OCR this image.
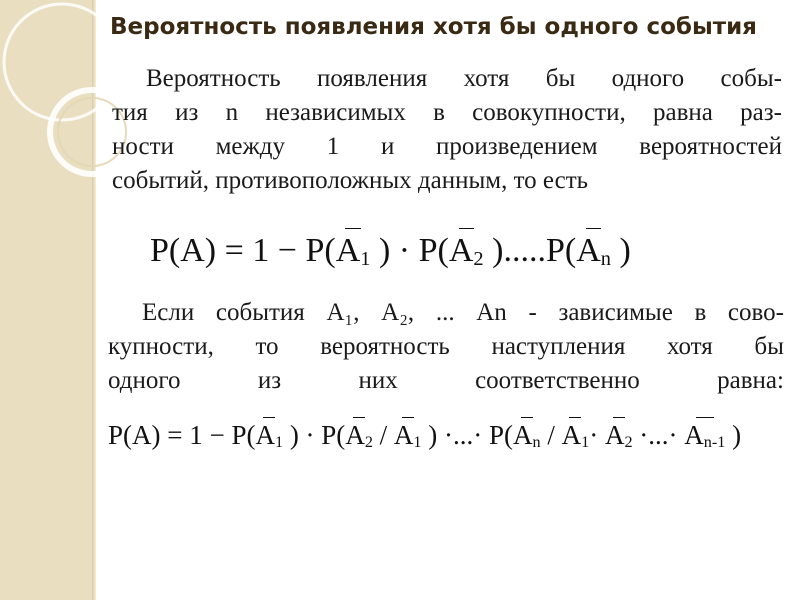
Вероятность появления хотя бы одного события
Вероятность появления хотя бы одного собы-
тия из n независимых в совокупности, равна раз-
ности между 1 и произведением вероятностей
событий, противоположных данным, то есть
$P(A) = 1 - P(A_1$ ) · $P(A_2$ )$.....P(A_n$ )
Если события A₁, A₂, ... An - зависимые в сово-
купности, то вероятность наступления хотя бы
одного	из	них	соответственно	равна:
$P(A) = 1 - P(A_1$ ) · $P(A_2 / A_1$ ) ·...· $P(A_n / A_1\cdot A_2$ ·...· $A_{n-1}$ )
